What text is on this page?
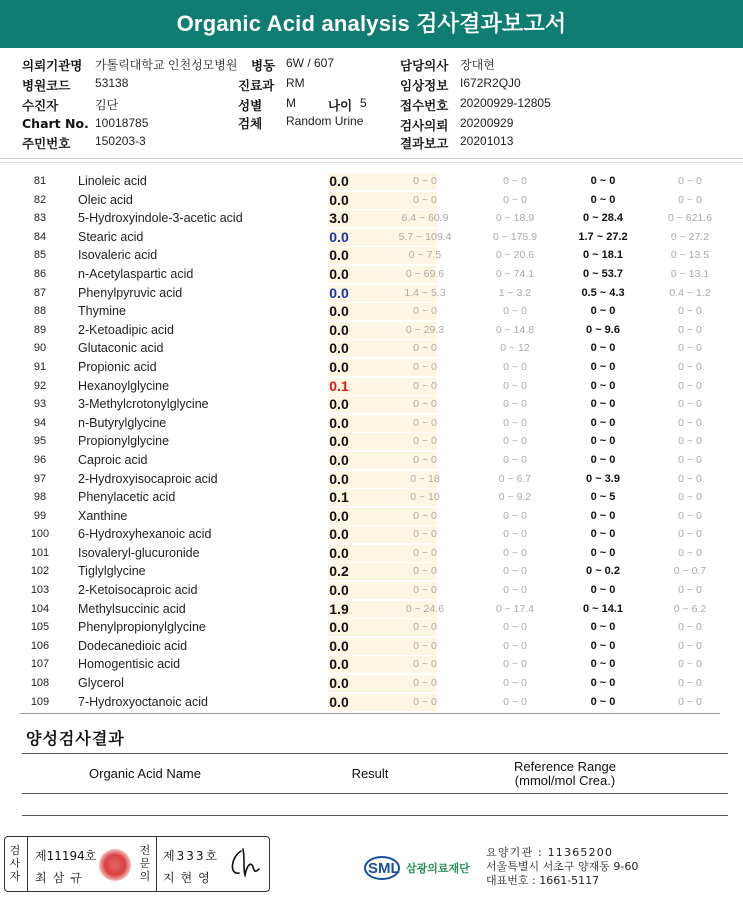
Organic Acid analysis 검사결과보고서
의뢰기관명 가톨릭대학교 인천성모병원 병동 6W / 607	담당의사 장대현
병원코드 53138	진료과 RM	임상정보 I672R2QJ0
수진자	김단	성별 M	나이 5	접수번호 20200929-12805
Chart No. 10018785	검체 Random Urine	검사의뢰 20200929
주민번호 150203-3	결과보고 20201013
81	Linoleic acid	0.0	0 ~ 0	0 ~ 0	0 ~ 0	0 ~ 0
82	Oleic acid	0.0	0 ~ 0	0 ~ 0	0 ~ 0	0 ~ 0
83	5-Hydroxyindole-3-acetic acid	3.0	6.4 ~ 60.9	0 ~ 18.9	0 ~ 28.4	0 ~ 621.6
84	Stearic acid	0.0	5.7 ~ 109.4	0 ~ 175.9	1.7 ~ 27.2	0 ~ 27.2
85	Isovaleric acid	0.0	0 ~ 7.5	0 ~ 20.6	0 ~ 18.1	0 ~ 13.5
86	n-Acetylaspartic acid	0.0	0 ~ 69.6	0 ~ 74.1	0 ~ 53.7	0 ~ 13.1
87	Phenylpyruvic acid	0.0	1.4 ~ 5.3	1 ~ 3.2	0.5 ~ 4.3	0.4 ~ 1.2
88	Thymine	0.0	0 ~ 0	0 ~ 0	0 ~ 0	0 ~ 0
89	2-Ketoadipic acid	0.0	0 ~ 29.3	0 ~ 14.8	0 ~ 9.6	0 ~ 0
90	Glutaconic acid	0.0	0 ~ 0	0 ~ 12	0 ~ 0	0 ~ 0
91	Propionic acid	0.0	0 ~ 0	0 ~ 0	0 ~ 0	0 ~ 0
92	Hexanoylglycine	0.1	0 ~ 0	0 ~ 0	0 ~ 0	0 ~ 0
93	3-Methylcrotonylglycine	0.0	0 ~ 0	0 ~ 0	0 ~ 0	0 ~ 0
94	n-Butyrylglycine	0.0	0 ~ 0	0 ~ 0	0 ~ 0	0 ~ 0
95	Propionylglycine	0.0	0 ~ 0	0 ~ 0	0 ~ 0	0 ~ 0
96	Caproic acid	0.0	0 ~ 0	0 ~ 0	0 ~ 0	0 ~ 0
97	2-Hydroxyisocaproic acid	0.0	0 ~ 18	0 ~ 6.7	0 ~ 3.9	0 ~ 0
98	Phenylacetic acid	0.1	0 ~ 10	0 ~ 9.2	0 ~ 5	0 ~ 0
99	Xanthine	0.0	0 ~ 0	0 ~ 0	0 ~ 0	0 ~ 0
100	6-Hydroxyhexanoic acid	0.0	0 ~ 0	0 ~ 0	0 ~ 0	0 ~ 0
101	Isovaleryl-glucuronide	0.0	0 ~ 0	0 ~ 0	0 ~ 0	0 ~ 0
102	Tiglylglycine	0.2	0 ~ 0	0 ~ 0	0 ~ 0.2	0 ~ 0.7
103	2-Ketoisocaproic acid	0.0	0 ~ 0	0 ~ 0	0 ~ 0	0 ~ 0
104	Methylsuccinic acid	1.9	0 ~ 24.6	0 ~ 17.4	0 ~ 14.1	0 ~ 6.2
105	Phenylpropionylglycine	0.0	0 ~ 0	0 ~ 0	0 ~ 0	0 ~ 0
106	Dodecanedioic acid	0.0	0 ~ 0	0 ~ 0	0 ~ 0	0 ~ 0
107	Homogentisic acid	0.0	0 ~ 0	0 ~ 0	0 ~ 0	0 ~ 0
108	Glycerol	0.0	0 ~ 0	0 ~ 0	0 ~ 0	0 ~ 0
109	7-Hydroxyoctanoic acid	0.0	0 ~ 0	0 ~ 0	0 ~ 0	0 ~ 0
양성검사결과
Organic Acid Name	Result	Reference Range
(mmol/mol Crea.)
검
사
자
제11194호
최삼규
전
문
의
제333호
지현영
SML 삼광의료재단
요양기관 : 11365200
서울특별시 서초구 양재동 9-60
대표번호 : 1661-5117
